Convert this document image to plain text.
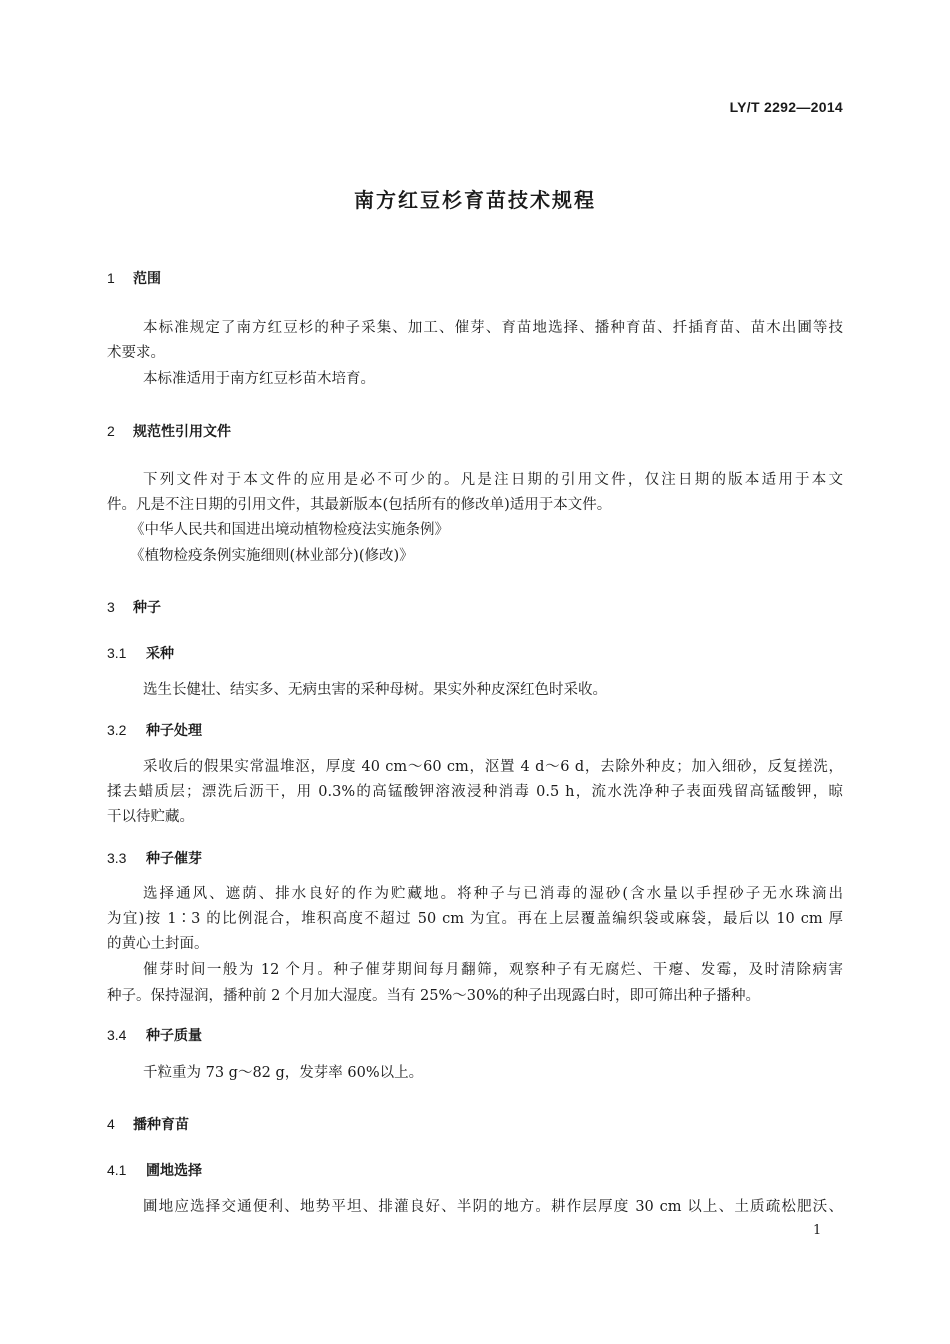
LY/T 2292—2014
南方红豆杉育苗技术规程
1 范围
本标准规定了南方红豆杉的种子采集、加工、催芽、育苗地选择、播种育苗、扦插育苗、苗木出圃等技
术要求。
本标准适用于南方红豆杉苗木培育。
2 规范性引用文件
下列文件对于本文件的应用是必不可少的。凡是注日期的引用文件，仅注日期的版本适用于本文
件。凡是不注日期的引用文件，其最新版本(包括所有的修改单)适用于本文件。
《中华人民共和国进出境动植物检疫法实施条例》
《植物检疫条例实施细则(林业部分)(修改)》
3 种子
3.1 采种
选生长健壮、结实多、无病虫害的采种母树。果实外种皮深红色时采收。
3.2 种子处理
采收后的假果实常温堆沤，厚度 40 cm～60 cm，沤置 4 d～6 d，去除外种皮；加入细砂，反复搓洗，
揉去蜡质层；漂洗后沥干，用 0.3%的高锰酸钾溶液浸种消毒 0.5 h，流水洗净种子表面残留高锰酸钾，晾
干以待贮藏。
3.3 种子催芽
选择通风、遮荫、排水良好的作为贮藏地。将种子与已消毒的湿砂(含水量以手捏砂子无水珠滴出
为宜)按 1∶3 的比例混合，堆积高度不超过 50 cm 为宜。再在上层覆盖编织袋或麻袋，最后以 10 cm 厚
的黄心土封面。
催芽时间一般为 12 个月。种子催芽期间每月翻筛，观察种子有无腐烂、干瘪、发霉，及时清除病害
种子。保持湿润，播种前 2 个月加大湿度。当有 25%～30%的种子出现露白时，即可筛出种子播种。
3.4 种子质量
千粒重为 73 g～82 g，发芽率 60%以上。
4 播种育苗
4.1 圃地选择
圃地应选择交通便利、地势平坦、排灌良好、半阴的地方。耕作层厚度 30 cm 以上、土质疏松肥沃、
1
